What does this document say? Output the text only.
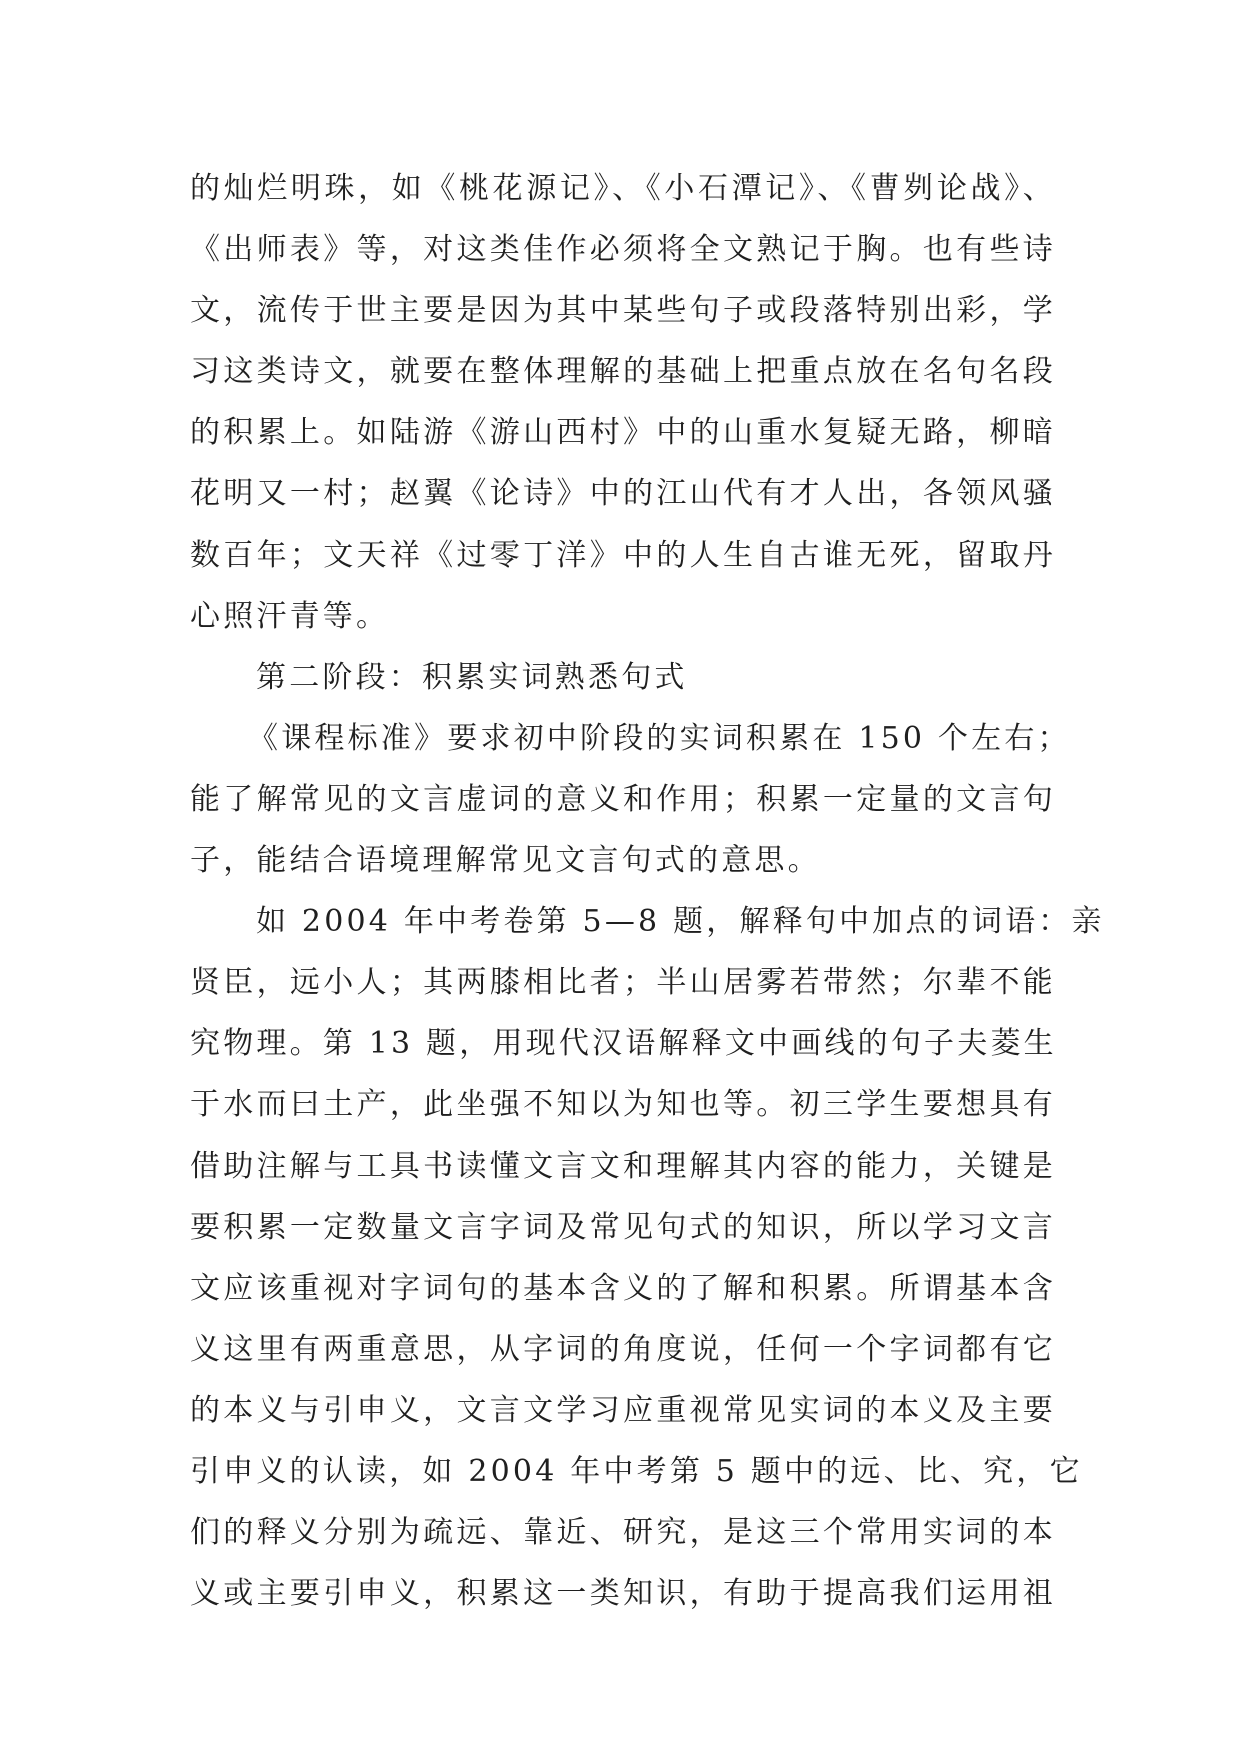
的灿烂明珠，如《桃花源记》、《小石潭记》、《曹刿论战》、
《出师表》等，对这类佳作必须将全文熟记于胸。也有些诗
文，流传于世主要是因为其中某些句子或段落特别出彩，学
习这类诗文，就要在整体理解的基础上把重点放在名句名段
的积累上。如陆游《游山西村》中的山重水复疑无路，柳暗
花明又一村；赵翼《论诗》中的江山代有才人出，各领风骚
数百年；文天祥《过零丁洋》中的人生自古谁无死，留取丹
心照汗青等。
第二阶段：积累实词熟悉句式
《课程标准》要求初中阶段的实词积累在 150 个左右；
能了解常见的文言虚词的意义和作用；积累一定量的文言句
子，能结合语境理解常见文言句式的意思。
如 2004 年中考卷第 5—8 题，解释句中加点的词语：亲
贤臣，远小人；其两膝相比者；半山居雾若带然；尔辈不能
究物理。第 13 题，用现代汉语解释文中画线的句子夫菱生
于水而曰土产，此坐强不知以为知也等。初三学生要想具有
借助注解与工具书读懂文言文和理解其内容的能力，关键是
要积累一定数量文言字词及常见句式的知识，所以学习文言
文应该重视对字词句的基本含义的了解和积累。所谓基本含
义这里有两重意思，从字词的角度说，任何一个字词都有它
的本义与引申义，文言文学习应重视常见实词的本义及主要
引申义的认读，如 2004 年中考第 5 题中的远、比、究，它
们的释义分别为疏远、靠近、研究，是这三个常用实词的本
义或主要引申义，积累这一类知识，有助于提高我们运用祖
